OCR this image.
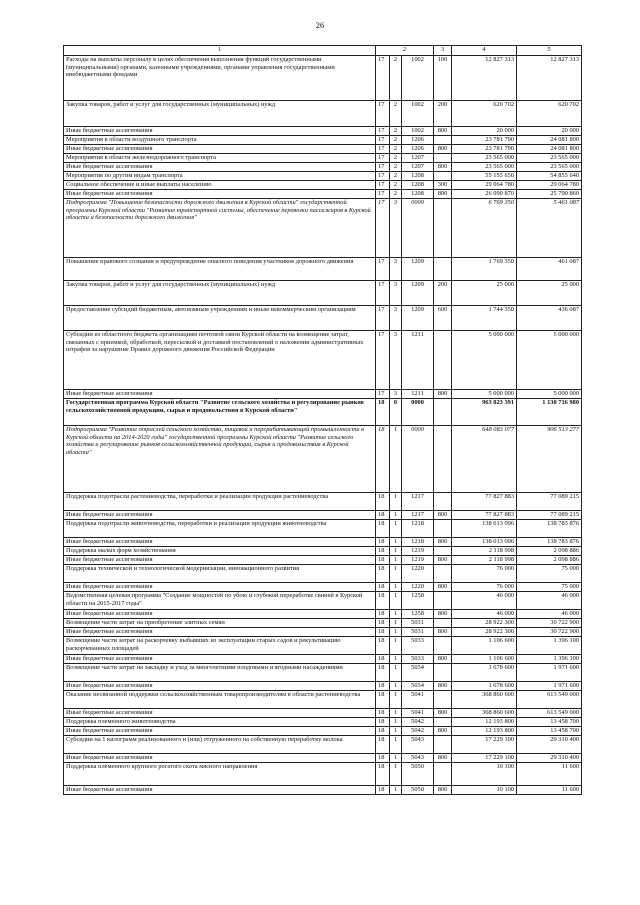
26
1	2			3	4	5
Расходы на выплаты персоналу в целях обеспечения выполнения функций государственными (муниципальными) органами, казенными учреждениями, органами управления государственными внебюджетными фондами	17	2	1002	100	12 827 313	12 827 313
Закупка товаров, работ и услуг для государственных (муниципальных) нужд	17	2	1002	200	620 702	620 702
Иные бюджетные ассигнования	17	2	1002	800	20 000	20 000
Мероприятия в области воздушного транспорта	17	2	1206		23 781 790	24 081 800
Иные бюджетные ассигнования	17	2	1206	800	23 781 790	24 081 800
Мероприятия в области железнодорожного транспорта	17	2	1207		23 565 000	23 565 000
Иные бюджетные ассигнования	17	2	1207	800	23 565 000	23 565 000
Мероприятия по другим видам транспорта	17	2	1208		55 155 650	54 855 640
Социальное обеспечение и иные выплаты населению	17	2	1208	300	29 064 780	29 064 780
Иные бюджетные ассигнования	17	2	1208	800	26 090 870	25 790 860
Подпрограмма "Повышение безопасности дорожного движения в Курской области" государственной программы Курской области "Развитие транспортной системы, обеспечение перевозки пассажиров в Курской области и безопасности дорожного движения"	17	3	0000		6 769 350	5 461 087
Повышение правового сознания и предупреждение опасного поведения участников дорожного движения	17	3	1209		1 769 350	461 087
Закупка товаров, работ и услуг для государственных (муниципальных) нужд	17	3	1209	200	25 000	25 000
Предоставление субсидий бюджетным, автономным учреждениям и иным некоммерческим организациям	17	3	1209	600	1 744 350	436 087
Субсидии из областного бюджета организациям почтовой связи Курской области на возмещение затрат, связанных с приемкой, обработкой, пересылкой и доставкой постановлений о наложении административных штрафов за нарушение Правил дорожного движения Российской Федерации	17	3	1211		5 000 000	5 000 000
Иные бюджетные ассигнования	17	3	1211	800	5 000 000	5 000 000
Государственная программа Курской области "Развитие сельского хозяйства и регулирование рынков сельскохозяйственной продукции, сырья и продовольствия в Курской области"	18	0	0000		963 823 391	1 130 716 980
Подпрограмма "Развитие отраслей сельского хозяйства, пищевой и перерабатывающей промышленности в Курской области на 2014-2020 годы" государственной программы Курской области "Развитие сельского хозяйства и регулирование рынков сельскохозяйственной продукции, сырья и продовольствия в Курской области"	18	1	0000		648 083 077	906 513 277
Поддержка подотрасли растениеводства, переработки и реализации продукции растениеводства	18	1	1217		77 827 883	77 089 215
Иные бюджетные ассигнования	18	1	1217	800	77 827 883	77 089 215
Поддержка подотрасли животноводства, переработки и реализации продукции животноводства	18	1	1218		138 013 096	138 783 876
Иные бюджетные ассигнования	18	1	1218	800	138 013 096	138 783 876
Поддержка малых форм хозяйствования	18	1	1219		2 118 998	2 098 886
Иные бюджетные ассигнования	18	1	1219	800	2 118 998	2 098 886
Поддержка технической и технологической модернизации, инновационного развития	18	1	1220		76 000	75 000
Иные бюджетные ассигнования	18	1	1220	800	76 000	75 000
Ведомственная целевая программа "Создание мощностей по убою и глубокой переработке свиней в Курской области на 2015-2017 годы"	18	1	1258		46 000	46 000
Иные бюджетные ассигнования	18	1	1258	800	46 000	46 000
Возмещение части затрат на приобретение элитных семян	18	1	5031		28 922 300	30 722 900
Иные бюджетные ассигнования	18	1	5031	800	28 922 300	30 722 900
Возмещение части затрат на раскорчевку выбывших из эксплуатации старых садов и рекультивацию раскорчеванных площадей	18	1	5033		1 106 600	1 396 100
Иные бюджетные ассигнования	18	1	5033	800	1 106 600	1 396 100
Возмещение части затрат на закладку и уход за многолетними плодовыми и ягодными насаждениями	18	1	5034		1 678 600	1 971 600
Иные бюджетные ассигнования	18	1	5034	800	1 678 600	1 971 600
Оказание несвязанной поддержки сельскохозяйственным товаропроизводителям в области растениеводства	18	1	5041		368 860 600	613 549 000
Иные бюджетные ассигнования	18	1	5041	800	368 860 600	613 549 000
Поддержка племенного животноводства	18	1	5042		12 193 800	13 458 700
Иные бюджетные ассигнования	18	1	5042	800	12 193 800	13 458 700
Субсидии на 1 килограмм реализованного и (или) отгруженного на собственную переработку молока	18	1	5043		17 229 100	29 310 400
Иные бюджетные ассигнования	18	1	5043	800	17 229 100	29 310 400
Поддержка племенного крупного рогатого скота мясного направления	18	1	5050		10 100	11 600
Иные бюджетные ассигнования	18	1	5050	800	10 100	11 600
